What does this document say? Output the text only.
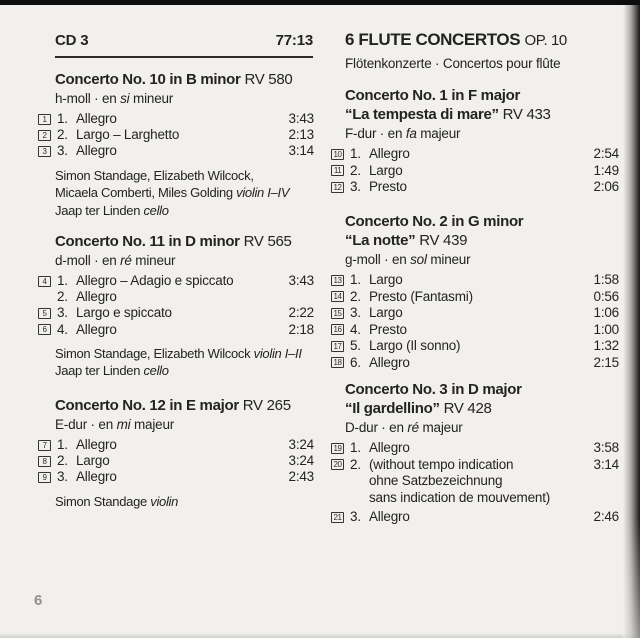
CD 3	77:13
Concerto No. 10 in B minor RV 580

h-moll · en si mineur

1 1. Allegro	3:43
2 2. Largo – Larghetto	2:13
3 3. Allegro	3:14

Simon Standage, Elizabeth Wilcock,

Micaela Comberti, Miles Golding violin I–IV

Jaap ter Linden cello

Concerto No. 11 in D minor RV 565

d-moll · en ré mineur

4 1. Allegro – Adagio e spiccato	3:43
2. Allegro
5 3. Largo e spiccato	2:22
6 4. Allegro	2:18

Simon Standage, Elizabeth Wilcock violin I–II

Jaap ter Linden cello

Concerto No. 12 in E major RV 265

E-dur · en mi majeur

7 1. Allegro	3:24
8 2. Largo	3:24
9 3. Allegro	2:43

Simon Standage violin

6 FLUTE CONCERTOS OP. 10
Flötenkonzerte · Concertos pour flûte
Concerto No. 1 in F major
“La tempesta di mare” RV 433

F-dur · en fa majeur

10 1. Allegro	2:54
11 2. Largo	1:49
12 3. Presto	2:06
Concerto No. 2 in G minor
“La notte” RV 439

g-moll · en sol mineur

13 1. Largo	1:58
14 2. Presto (Fantasmi)	0:56
15 3. Largo	1:06
16 4. Presto	1:00
17 5. Largo (Il sonno)	1:32
18 6. Allegro	2:15
Concerto No. 3 in D major
“Il gardellino” RV 428

D-dur · en ré majeur

19 1. Allegro	3:58
20 2. (without tempo indication	3:14
ohne Satzbezeichnung
sans indication de mouvement)
21 3. Allegro	2:46
6
